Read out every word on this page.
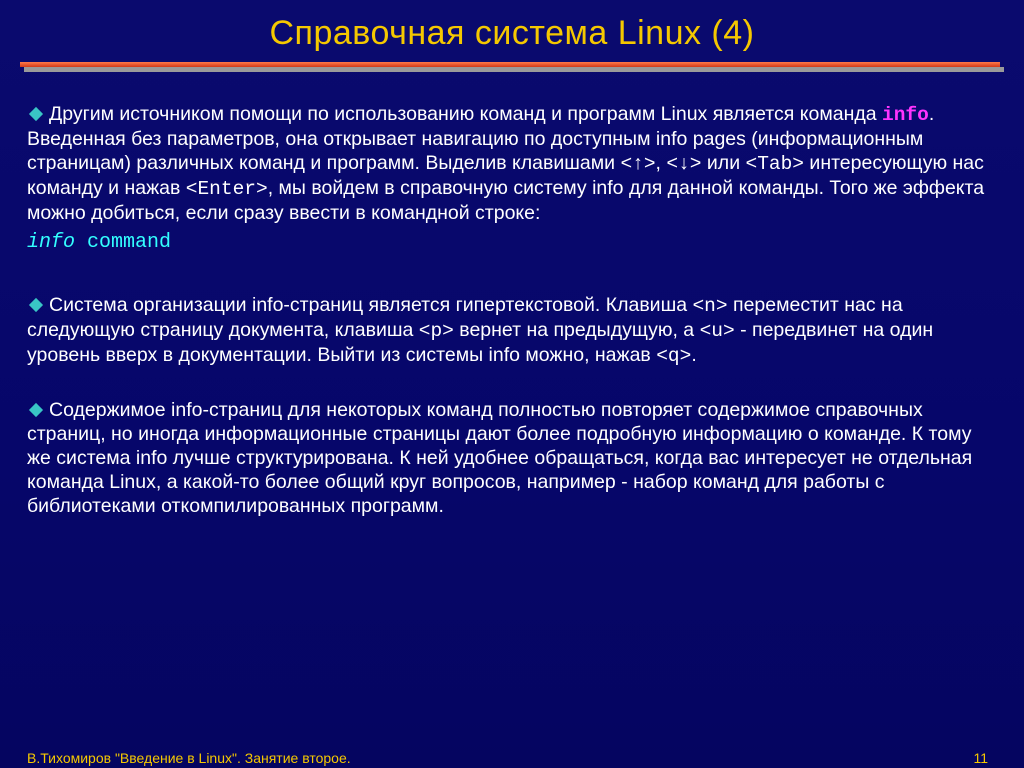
Справочная система Linux (4)

Другим источником помощи по использованию команд и программ Linux является команда info. Введенная без параметров, она открывает навигацию по доступным info pages (информационным страницам) различных команд и программ. Выделив клавишами <↑>, <↓> или <Tab> интересующую нас команду и нажав <Enter>, мы войдем в справочную систему info для данной команды. Того же эффекта можно добиться, если сразу ввести в командной строке:

info command

Система организации info-страниц является гипертекстовой. Клавиша <n> переместит нас на следующую страницу документа, клавиша <p> вернет на предыдущую, а <u> - передвинет на один уровень вверх в документации. Выйти из системы info можно, нажав <q>.

Содержимое info-страниц для некоторых команд полностью повторяет содержимое справочных страниц, но иногда информационные страницы дают более подробную информацию о команде. К тому же система info лучше структурирована. К ней удобнее обращаться, когда вас интересует не отдельная команда Linux, а какой-то более общий круг вопросов, например - набор команд для работы с библиотеками откомпилированных программ.

В.Тихомиров "Введение в Linux". Занятие второе.	11
